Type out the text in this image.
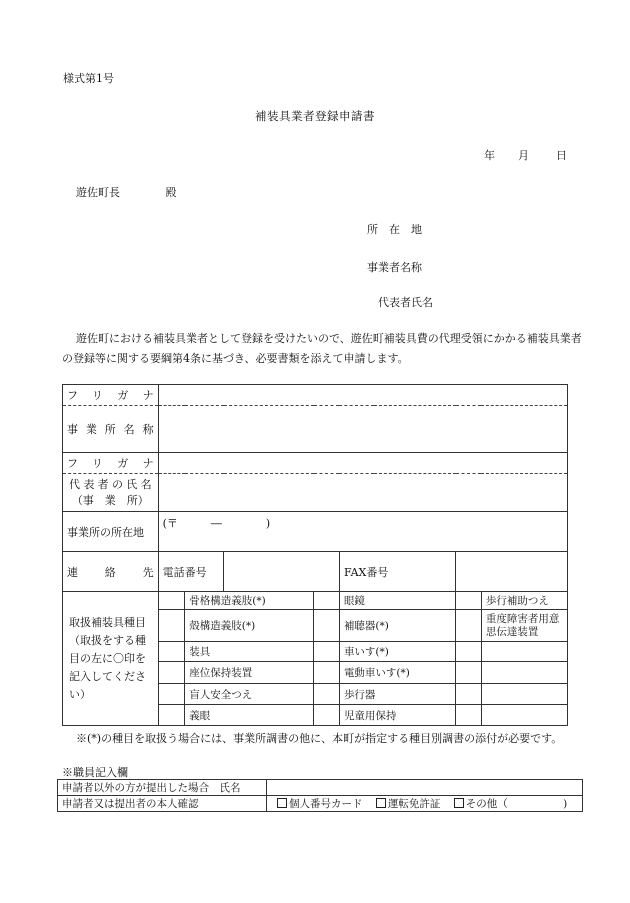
様式第1号
補装具業者登録申請書
年 月 日
遊佐町長	殿
所　在　地
事業者名称
代表者氏名
遊佐町における補装具業者として登録を受けたいので、遊佐町補装具費の代理受領にかかる補装具業者の登録等に関する要綱第4条に基づき、必要書類を添えて申請します。
フリガナ							
事業所名称							
フリガナ							

代表者の氏名
（事　業　所）							

事業所の所在地	(〒　　　―　　　　)						
連絡先	電話番号				FAX番号		
取扱補装具種目（取扱をする種目の左に〇印を記入してください）		骨格構造義肢(*)			眼鏡		歩行補助つえ
		殻構造義肢(*)			補聴器(*)		重度障害者用意思伝達装置
		装具			車いす(*)		
		座位保持装置			電動車いす(*)		
		盲人安全つえ			歩行器		
		義眼			児童用保持		
※(*)の種目を取扱う場合には、事業所調書の他に、本町が指定する種目別調書の添付が必要です。
※職員記入欄
申請者以外の方が提出した場合　氏名	
申請者又は提出者の本人確認	個人番号カード 運転免許証 その他（ )
